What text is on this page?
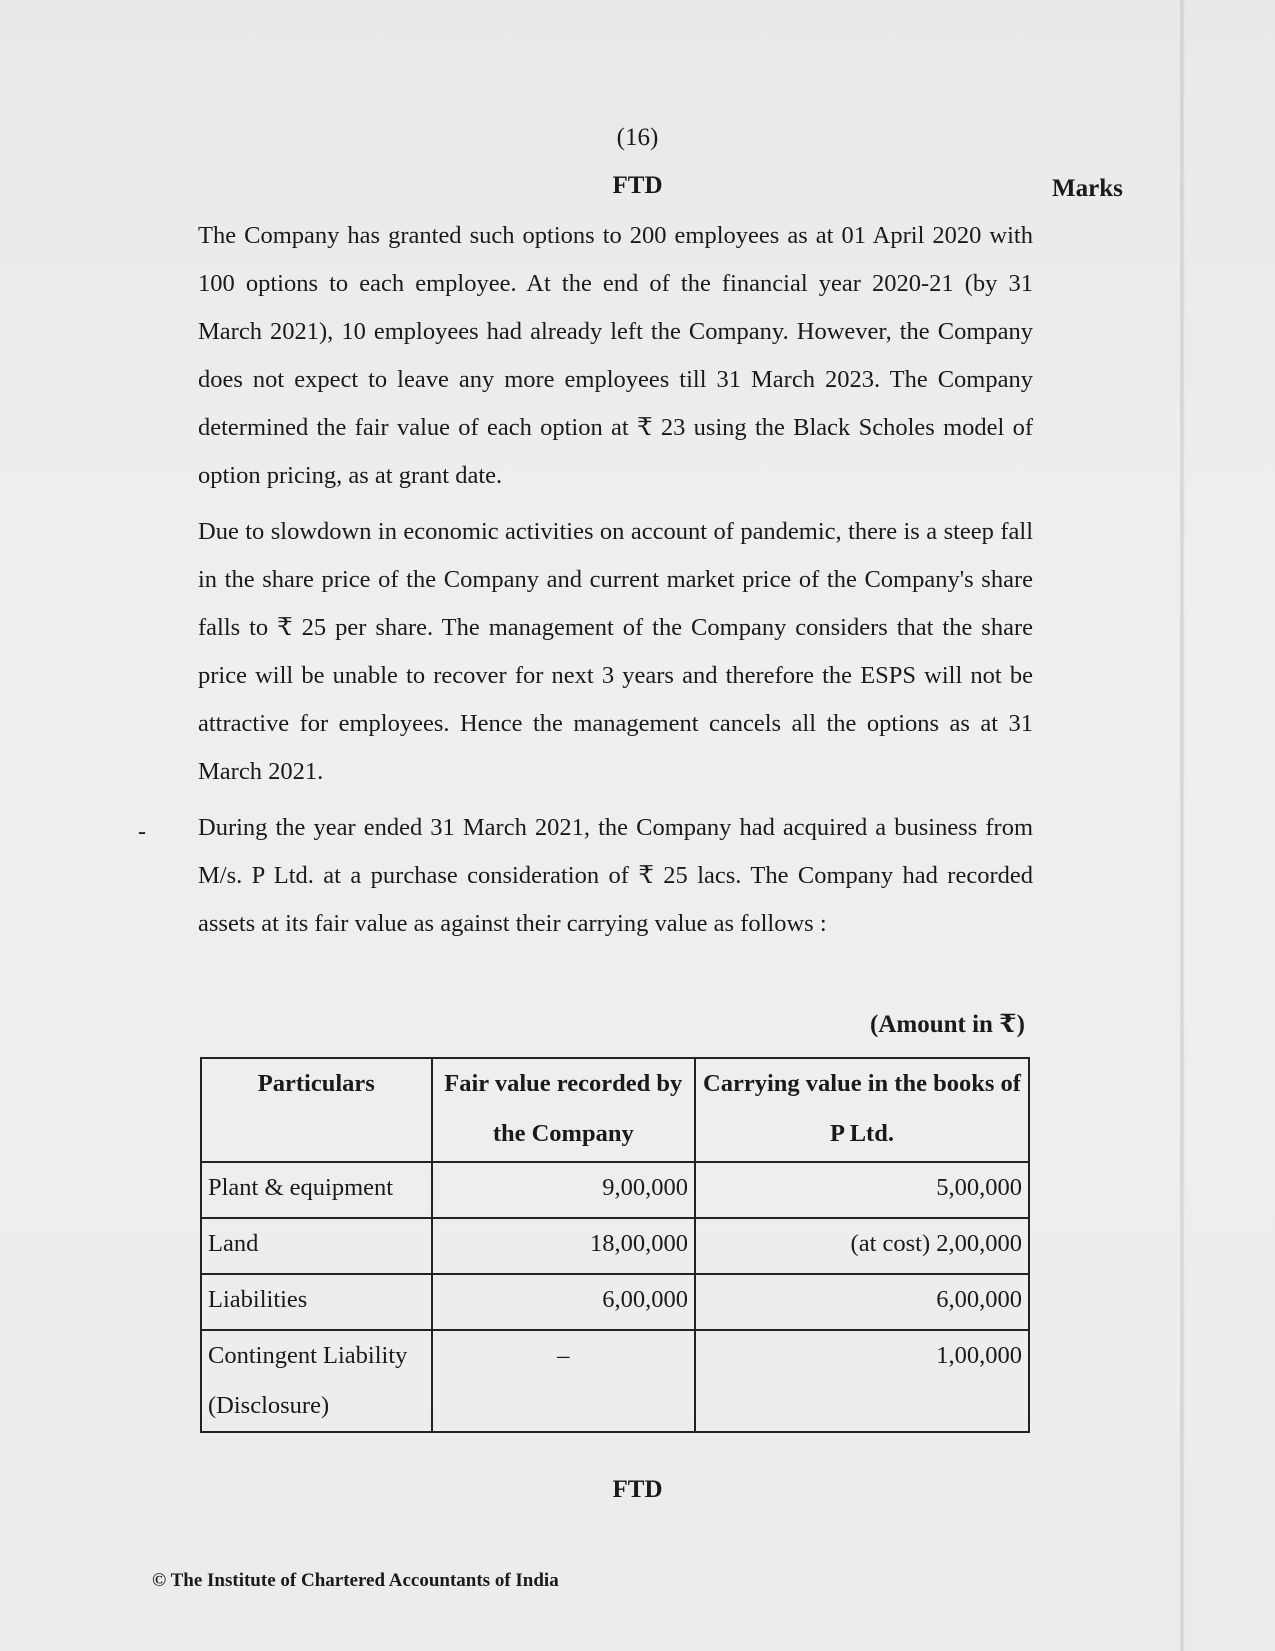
(16)
FTD	Marks
The Company has granted such options to 200 employees as at 01 April 2020 with 100 options to each employee. At the end of the financial year 2020-21 (by 31 March 2021), 10 employees had already left the Company. However, the Company does not expect to leave any more employees till 31 March 2023. The Company determined the fair value of each option at ₹ 23 using the Black Scholes model of option pricing, as at grant date.
Due to slowdown in economic activities on account of pandemic, there is a steep fall in the share price of the Company and current market price of the Company's share falls to ₹ 25 per share. The management of the Company considers that the share price will be unable to recover for next 3 years and therefore the ESPS will not be attractive for employees. Hence the management cancels all the options as at 31 March 2021.
- During the year ended 31 March 2021, the Company had acquired a business from M/s. P Ltd. at a purchase consideration of ₹ 25 lacs. The Company had recorded assets at its fair value as against their carrying value as follows :
(Amount in ₹)
Particulars	Fair value recorded by the Company	Carrying value in the books of P Ltd.
Plant & equipment	9,00,000	5,00,000
Land	18,00,000	(at cost) 2,00,000
Liabilities	6,00,000	6,00,000
Contingent Liability (Disclosure)	–	1,00,000
FTD
© The Institute of Chartered Accountants of India
